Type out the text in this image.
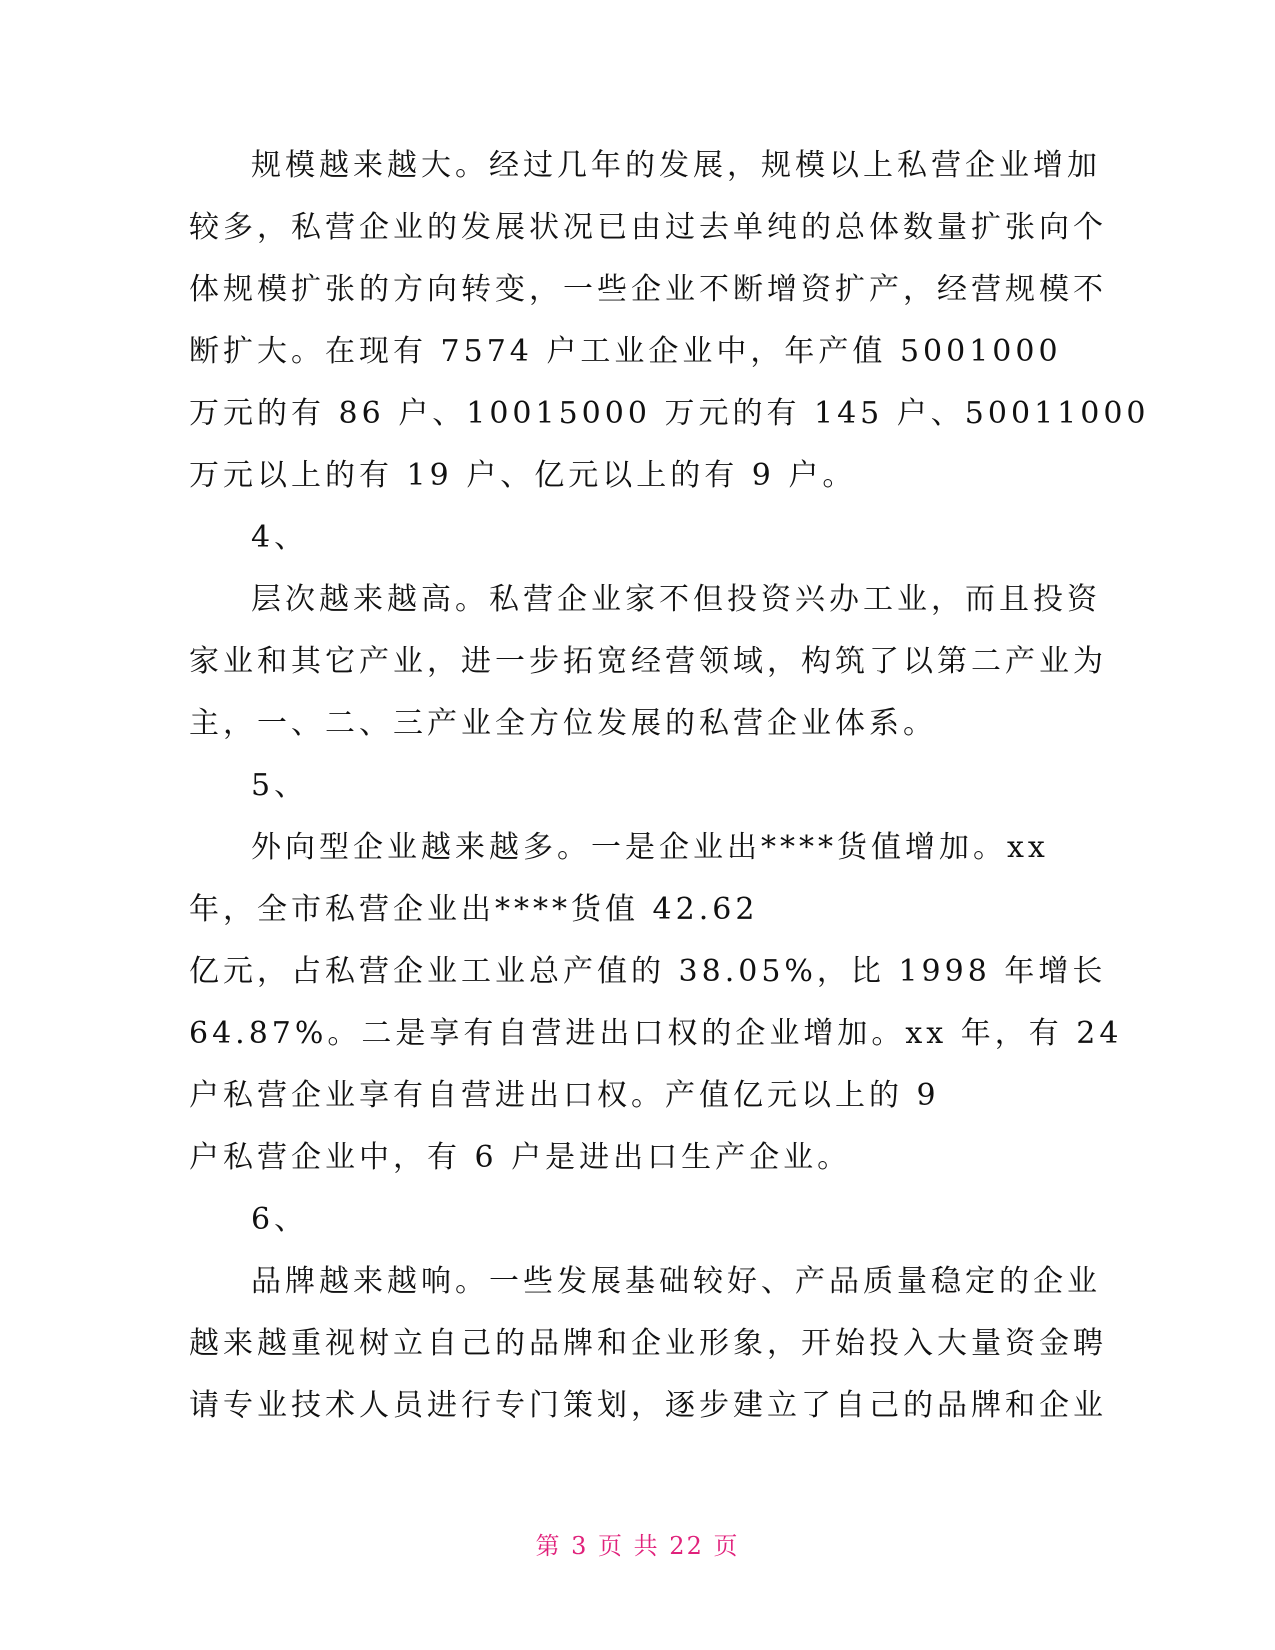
规模越来越大。经过几年的发展，规模以上私营企业增加
较多，私营企业的发展状况已由过去单纯的总体数量扩张向个
体规模扩张的方向转变，一些企业不断增资扩产，经营规模不
断扩大。在现有 7574 户工业企业中，年产值 5001000
万元的有 86 户、10015000 万元的有 145 户、50011000
万元以上的有 19 户、亿元以上的有 9 户。
4、
层次越来越高。私营企业家不但投资兴办工业，而且投资
家业和其它产业，进一步拓宽经营领域，构筑了以第二产业为
主，一、二、三产业全方位发展的私营企业体系。
5、
外向型企业越来越多。一是企业出****货值增加。xx
年，全市私营企业出****货值 42.62
亿元，占私营企业工业总产值的 38.05%，比 1998 年增长
64.87%。二是享有自营进出口权的企业增加。xx 年，有 24
户私营企业享有自营进出口权。产值亿元以上的 9
户私营企业中，有 6 户是进出口生产企业。
6、
品牌越来越响。一些发展基础较好、产品质量稳定的企业
越来越重视树立自己的品牌和企业形象，开始投入大量资金聘
请专业技术人员进行专门策划，逐步建立了自己的品牌和企业
第 3 页 共 22 页
